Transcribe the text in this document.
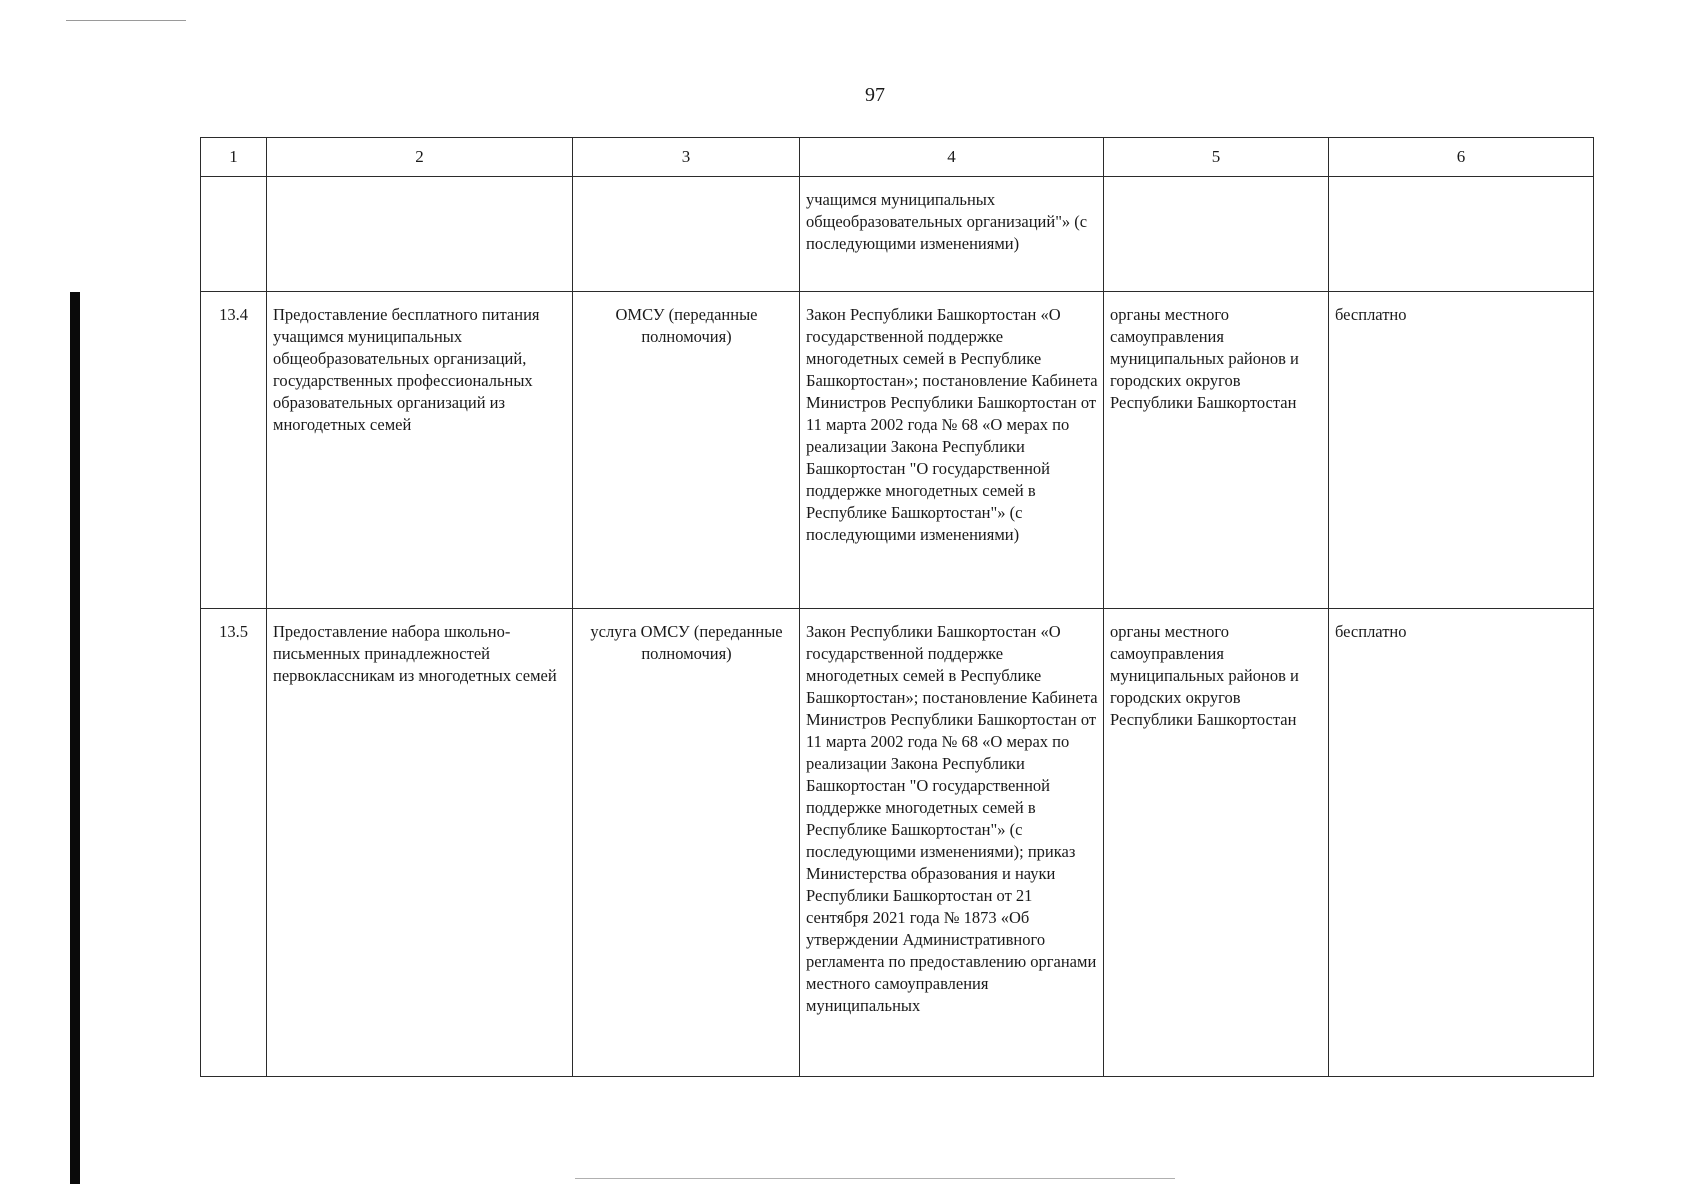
97
1	2	3	4	5	6
			учащимся муниципальных общеобразовательных организаций"» (с последующими изменениями)		
13.4	Предоставление бесплатного питания учащимся муниципальных общеобразовательных организаций, государственных профессиональных образовательных организаций из многодетных семей	ОМСУ (переданные полномочия)	Закон Республики Башкортостан «О государственной поддержке многодетных семей в Республике Башкортостан»; постановление Кабинета Министров Республики Башкортостан от 11 марта 2002 года № 68 «О мерах по реализации Закона Республики Башкортостан "О государственной поддержке многодетных семей в Республике Башкортостан"» (с последующими изменениями)	органы местного самоуправления муниципальных районов и городских округов Республики Башкортостан	бесплатно
13.5	Предоставление набора школьно-письменных принадлежностей первоклассникам из многодетных семей	услуга ОМСУ (переданные полномочия)	Закон Республики Башкортостан «О государственной поддержке многодетных семей в Республике Башкортостан»; постановление Кабинета Министров Республики Башкортостан от 11 марта 2002 года № 68 «О мерах по реализации Закона Республики Башкортостан "О государственной поддержке многодетных семей в Республике Башкортостан"» (с последующими изменениями); приказ Министерства образования и науки Республики Башкортостан от 21 сентября 2021 года № 1873 «Об утверждении Административного регламента по предоставлению органами местного самоуправления муниципальных	органы местного самоуправления муниципальных районов и городских округов Республики Башкортостан	бесплатно
